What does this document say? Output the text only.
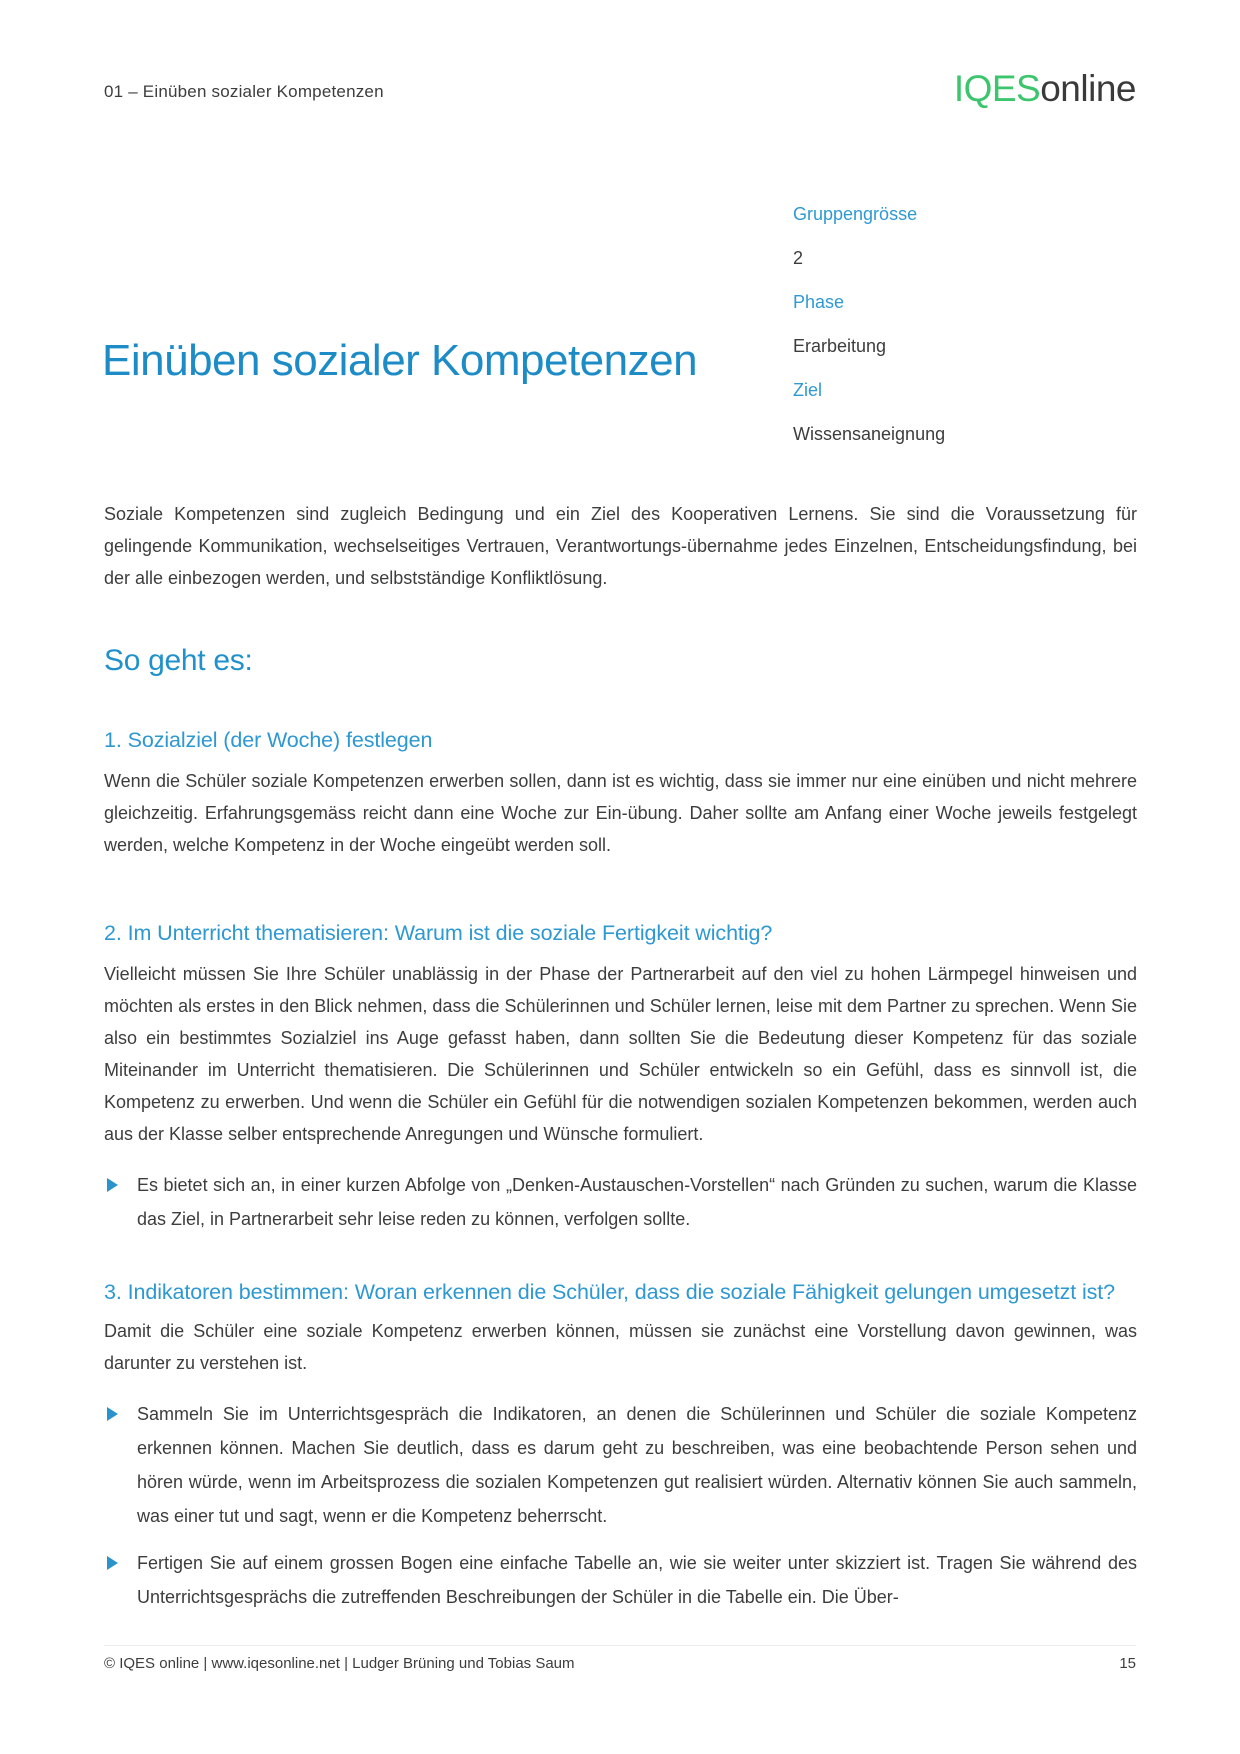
01 – Einüben sozialer Kompetenzen	IQESonline
Gruppengrösse
2
Phase
Erarbeitung
Ziel
Wissensaneignung
Einüben sozialer Kompetenzen

Soziale Kompetenzen sind zugleich Bedingung und ein Ziel des Kooperativen Lernens. Sie sind die Voraussetzung für gelingende Kommunikation, wechselseitiges Vertrauen, Verantwortungs-übernahme jedes Einzelnen, Entscheidungsfindung, bei der alle einbezogen werden, und selbstständige Konfliktlösung.

So geht es:
1. Sozialziel (der Woche) festlegen

Wenn die Schüler soziale Kompetenzen erwerben sollen, dann ist es wichtig, dass sie immer nur eine einüben und nicht mehrere gleichzeitig. Erfahrungsgemäss reicht dann eine Woche zur Ein-übung. Daher sollte am Anfang einer Woche jeweils festgelegt werden, welche Kompetenz in der Woche eingeübt werden soll.

2. Im Unterricht thematisieren: Warum ist die soziale Fertigkeit wichtig?

Vielleicht müssen Sie Ihre Schüler unablässig in der Phase der Partnerarbeit auf den viel zu hohen Lärmpegel hinweisen und möchten als erstes in den Blick nehmen, dass die Schülerinnen und Schüler lernen, leise mit dem Partner zu sprechen. Wenn Sie also ein bestimmtes Sozialziel ins Auge gefasst haben, dann sollten Sie die Bedeutung dieser Kompetenz für das soziale Miteinander im Unterricht thematisieren. Die Schülerinnen und Schüler entwickeln so ein Gefühl, dass es sinnvoll ist, die Kompetenz zu erwerben. Und wenn die Schüler ein Gefühl für die notwendigen sozialen Kompetenzen bekommen, werden auch aus der Klasse selber entsprechende Anregungen und Wünsche formuliert.

Es bietet sich an, in einer kurzen Abfolge von „Denken-Austauschen-Vorstellen“ nach Gründen zu suchen, warum die Klasse das Ziel, in Partnerarbeit sehr leise reden zu können, verfolgen sollte.
3. Indikatoren bestimmen: Woran erkennen die Schüler, dass die soziale Fähigkeit gelungen umgesetzt ist?

Damit die Schüler eine soziale Kompetenz erwerben können, müssen sie zunächst eine Vorstellung davon gewinnen, was darunter zu verstehen ist.

Sammeln Sie im Unterrichtsgespräch die Indikatoren, an denen die Schülerinnen und Schüler die soziale Kompetenz erkennen können. Machen Sie deutlich, dass es darum geht zu beschreiben, was eine beobachtende Person sehen und hören würde, wenn im Arbeitsprozess die sozialen Kompetenzen gut realisiert würden. Alternativ können Sie auch sammeln, was einer tut und sagt, wenn er die Kompetenz beherrscht.
Fertigen Sie auf einem grossen Bogen eine einfache Tabelle an, wie sie weiter unter skizziert ist. Tragen Sie während des Unterrichtsgesprächs die zutreffenden Beschreibungen der Schüler in die Tabelle ein. Die Über-
© IQES online | www.iqesonline.net | Ludger Brüning und Tobias Saum	15
